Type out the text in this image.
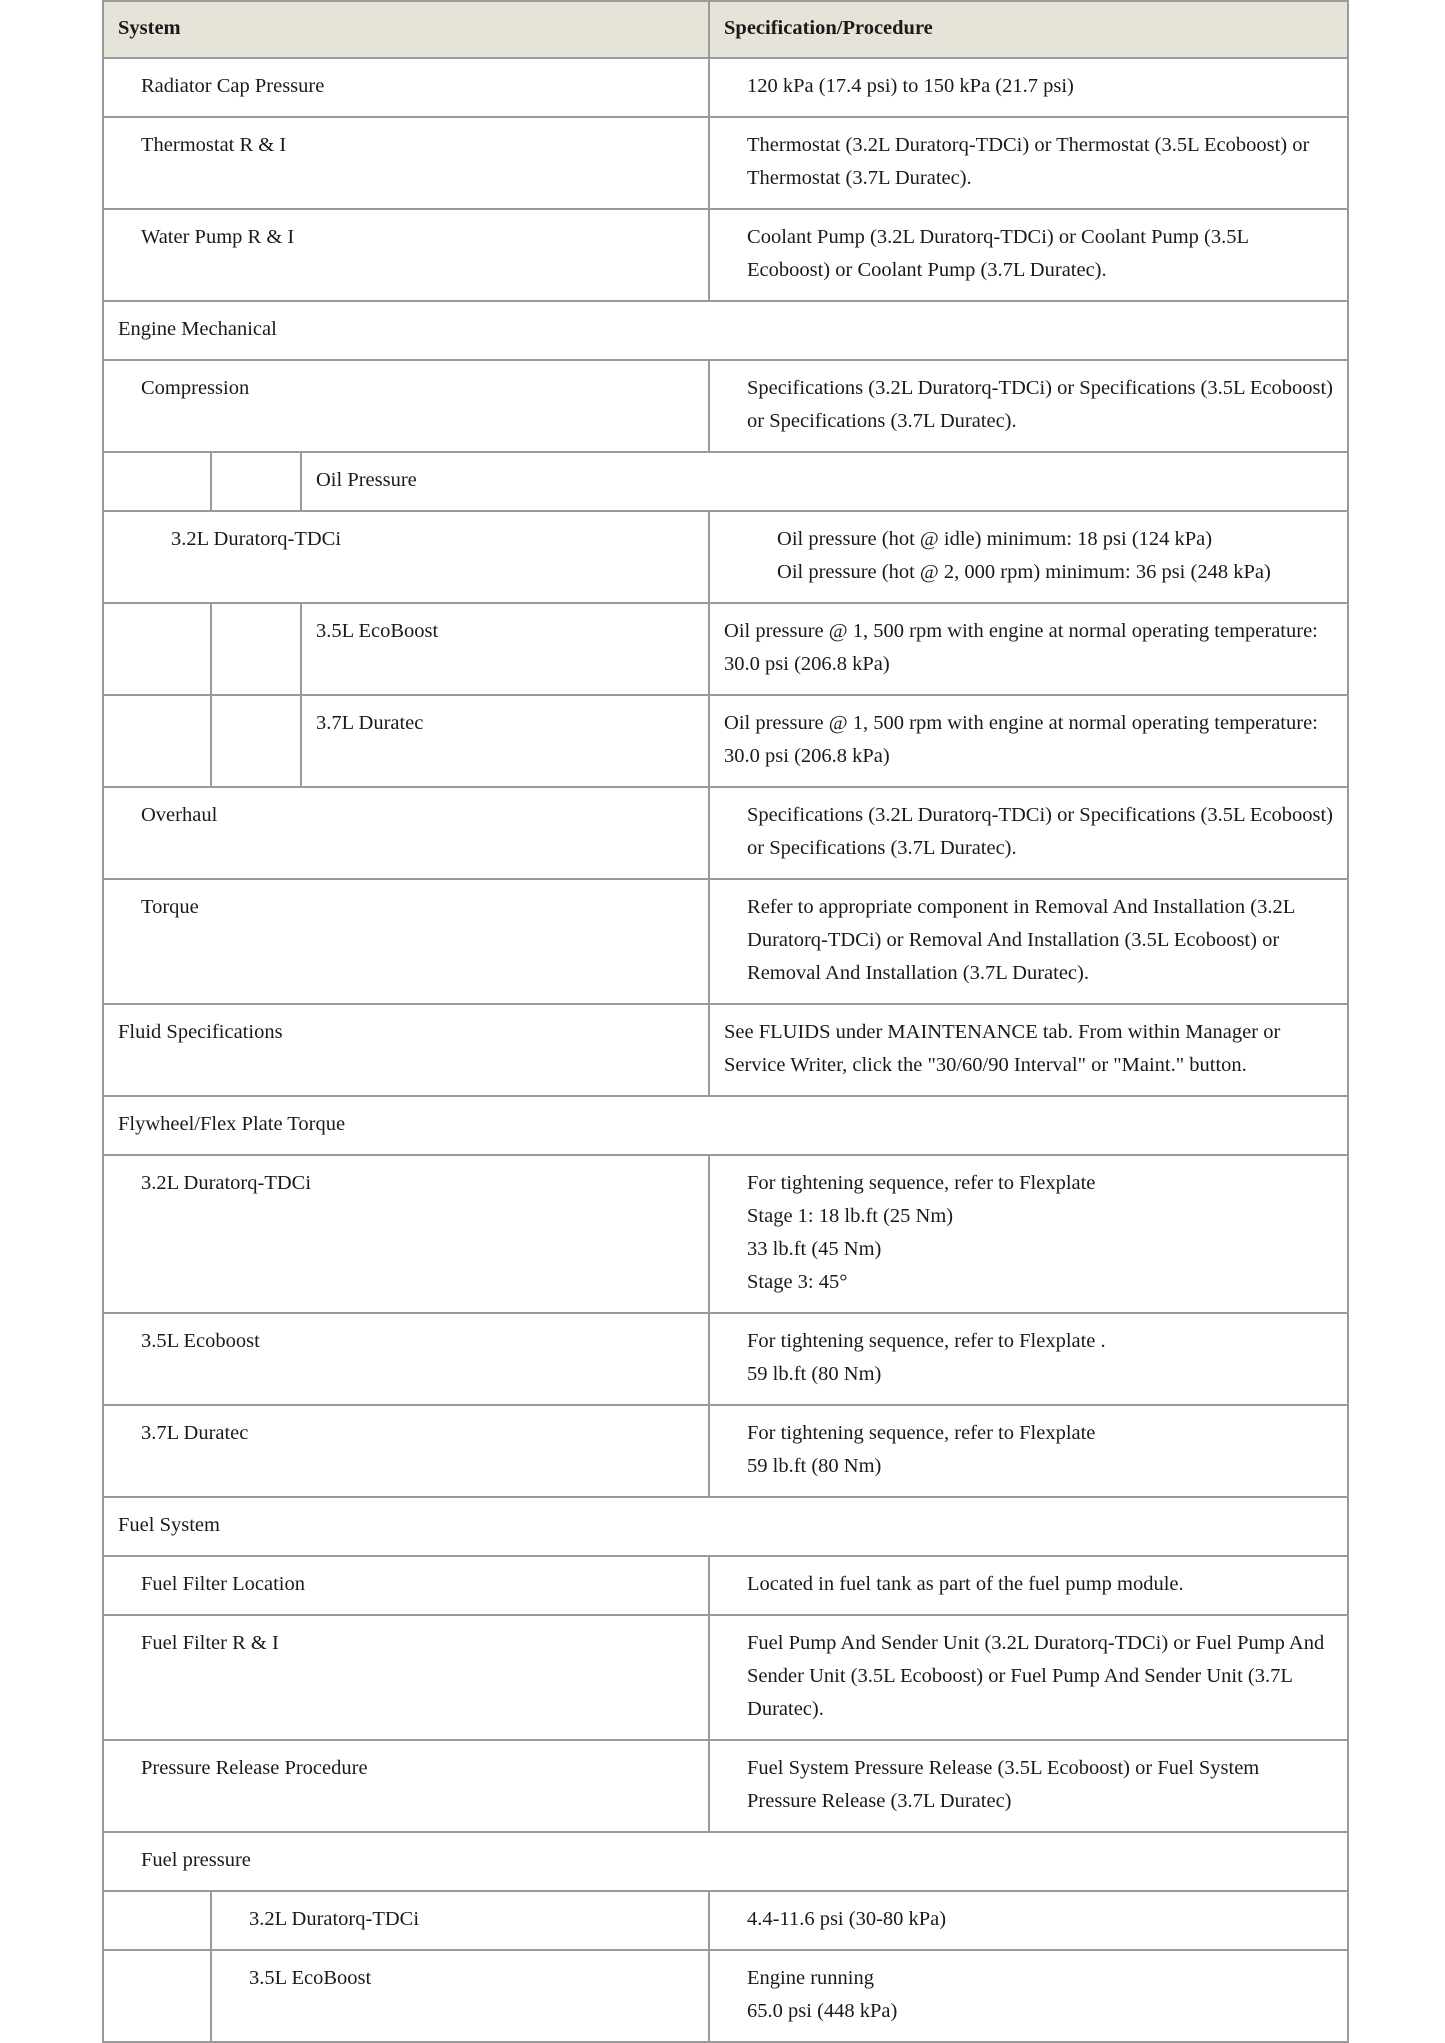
System			Specification/Procedure
Radiator Cap Pressure			120 kPa (17.4 psi) to 150 kPa (21.7 psi)
Thermostat R & I			Thermostat (3.2L Duratorq-TDCi) or Thermostat (3.5L Ecoboost) or Thermostat (3.7L Duratec).
Water Pump R & I			Coolant Pump (3.2L Duratorq-TDCi) or Coolant Pump (3.5L Ecoboost) or Coolant Pump (3.7L Duratec).
Engine Mechanical			
Compression			Specifications (3.2L Duratorq-TDCi) or Specifications (3.5L Ecoboost) or Specifications (3.7L Duratec).
		Oil Pressure	
3.2L Duratorq-TDCi			Oil pressure (hot @ idle) minimum: 18 psi (124 kPa)
Oil pressure (hot @ 2, 000 rpm) minimum: 36 psi (248 kPa)

		3.5L EcoBoost	Oil pressure @ 1, 500 rpm with engine at normal operating temperature: 30.0 psi (206.8 kPa)
		3.7L Duratec	Oil pressure @ 1, 500 rpm with engine at normal operating temperature: 30.0 psi (206.8 kPa)
Overhaul			Specifications (3.2L Duratorq-TDCi) or Specifications (3.5L Ecoboost) or Specifications (3.7L Duratec).
Torque			Refer to appropriate component in Removal And Installation (3.2L Duratorq-TDCi) or Removal And Installation (3.5L Ecoboost) or Removal And Installation (3.7L Duratec).
Fluid Specifications			See FLUIDS under MAINTENANCE tab. From within Manager or Service Writer, click the "30/60/90 Interval" or "Maint." button.
Flywheel/Flex Plate Torque			
3.2L Duratorq-TDCi			For tightening sequence, refer to Flexplate
Stage 1: 18 lb.ft (25 Nm)
33 lb.ft (45 Nm)
Stage 3: 45°

3.5L Ecoboost			For tightening sequence, refer to Flexplate .
59 lb.ft (80 Nm)

3.7L Duratec			For tightening sequence, refer to Flexplate
59 lb.ft (80 Nm)

Fuel System			
Fuel Filter Location			Located in fuel tank as part of the fuel pump module.
Fuel Filter R & I			Fuel Pump And Sender Unit (3.2L Duratorq-TDCi) or Fuel Pump And Sender Unit (3.5L Ecoboost) or Fuel Pump And Sender Unit (3.7L Duratec).
Pressure Release Procedure			Fuel System Pressure Release (3.5L Ecoboost) or Fuel System Pressure Release (3.7L Duratec)
Fuel pressure			
	3.2L Duratorq-TDCi		4.4-11.6 psi (30-80 kPa)
	3.5L EcoBoost		Engine running
65.0 psi (448 kPa)
